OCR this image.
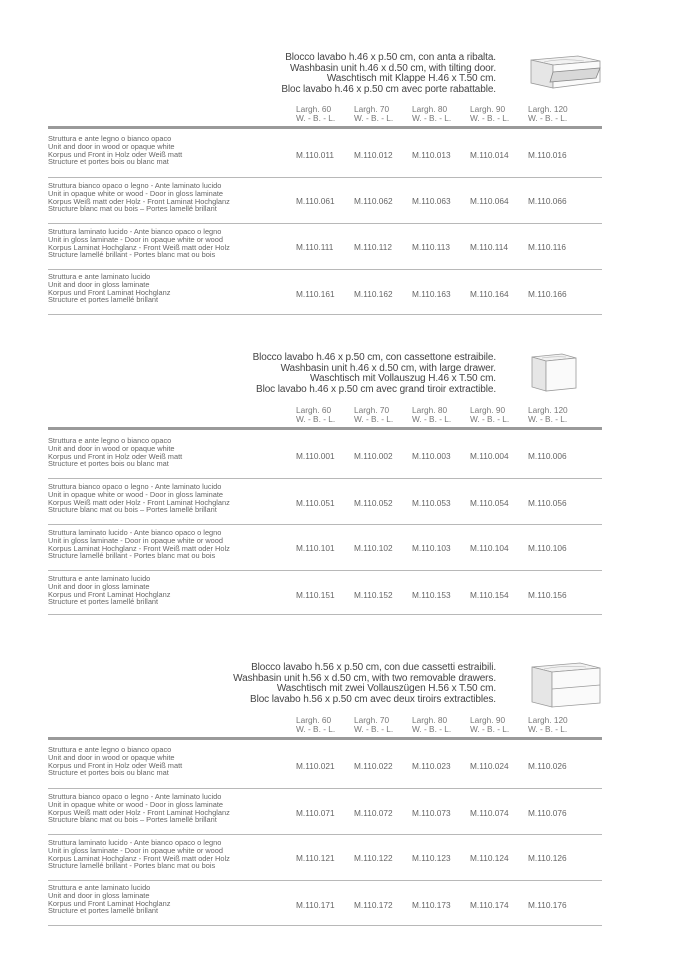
Blocco lavabo h.46 x p.50 cm, con anta a ribalta.
Washbasin unit h.46 x d.50 cm, with tilting door.
Waschtisch mit Klappe H.46 x T.50 cm.
Bloc lavabo h.46 x p.50 cm avec porte rabattable.
Largh. 60
W. - B. - L.
Largh. 70
W. - B. - L.
Largh. 80
W. - B. - L.
Largh. 90
W. - B. - L.
Largh. 120
W. - B. - L.
Struttura e ante legno o bianco opaco
Unit and door in wood or opaque white
Korpus und Front in Holz oder Weiß matt
Structure et portes bois ou blanc mat
M.110.011 M.110.012 M.110.013 M.110.014 M.110.016
Struttura bianco opaco o legno - Ante laminato lucido
Unit in opaque white or wood - Door in gloss laminate
Korpus Weiß matt oder Holz - Front Laminat Hochglanz
Structure blanc mat ou bois – Portes lamellé brillant
M.110.061 M.110.062 M.110.063 M.110.064 M.110.066
Struttura laminato lucido - Ante bianco opaco o legno
Unit in gloss laminate - Door in opaque white or wood
Korpus Laminat Hochglanz - Front Weiß matt oder Holz
Structure lamellé brillant - Portes blanc mat ou bois
M.110.111 M.110.112 M.110.113 M.110.114 M.110.116
Struttura e ante laminato lucido
Unit and door in gloss laminate
Korpus und Front Laminat Hochglanz
Structure et portes lamellé brillant
M.110.161 M.110.162 M.110.163 M.110.164 M.110.166
Blocco lavabo h.46 x p.50 cm, con cassettone estraibile.
Washbasin unit h.46 x d.50 cm, with large drawer.
Waschtisch mit Vollauszug H.46 x T.50 cm.
Bloc lavabo h.46 x p.50 cm avec grand tiroir extractible.
Largh. 60
W. - B. - L.
Largh. 70
W. - B. - L.
Largh. 80
W. - B. - L.
Largh. 90
W. - B. - L.
Largh. 120
W. - B. - L.
Struttura e ante legno o bianco opaco
Unit and door in wood or opaque white
Korpus und Front in Holz oder Weiß matt
Structure et portes bois ou blanc mat
M.110.001 M.110.002 M.110.003 M.110.004 M.110.006
Struttura bianco opaco o legno - Ante laminato lucido
Unit in opaque white or wood - Door in gloss laminate
Korpus Weiß matt oder Holz - Front Laminat Hochglanz
Structure blanc mat ou bois – Portes lamellé brillant
M.110.051 M.110.052 M.110.053 M.110.054 M.110.056
Struttura laminato lucido - Ante bianco opaco o legno
Unit in gloss laminate - Door in opaque white or wood
Korpus Laminat Hochglanz - Front Weiß matt oder Holz
Structure lamellé brillant - Portes blanc mat ou bois
M.110.101 M.110.102 M.110.103 M.110.104 M.110.106
Struttura e ante laminato lucido
Unit and door in gloss laminate
Korpus und Front Laminat Hochglanz
Structure et portes lamellé brillant
M.110.151 M.110.152 M.110.153 M.110.154 M.110.156
Blocco lavabo h.56 x p.50 cm, con due cassetti estraibili.
Washbasin unit h.56 x d.50 cm, with two removable drawers.
Waschtisch mit zwei Vollauszügen H.56 x T.50 cm.
Bloc lavabo h.56 x p.50 cm avec deux tiroirs extractibles.
Largh. 60
W. - B. - L.
Largh. 70
W. - B. - L.
Largh. 80
W. - B. - L.
Largh. 90
W. - B. - L.
Largh. 120
W. - B. - L.
Struttura e ante legno o bianco opaco
Unit and door in wood or opaque white
Korpus und Front in Holz oder Weiß matt
Structure et portes bois ou blanc mat
M.110.021 M.110.022 M.110.023 M.110.024 M.110.026
Struttura bianco opaco o legno - Ante laminato lucido
Unit in opaque white or wood - Door in gloss laminate
Korpus Weiß matt oder Holz - Front Laminat Hochglanz
Structure blanc mat ou bois – Portes lamellé brillant
M.110.071 M.110.072 M.110.073 M.110.074 M.110.076
Struttura laminato lucido - Ante bianco opaco o legno
Unit in gloss laminate - Door in opaque white or wood
Korpus Laminat Hochglanz - Front Weiß matt oder Holz
Structure lamellé brillant - Portes blanc mat ou bois
M.110.121 M.110.122 M.110.123 M.110.124 M.110.126
Struttura e ante laminato lucido
Unit and door in gloss laminate
Korpus und Front Laminat Hochglanz
Structure et portes lamellé brillant
M.110.171 M.110.172 M.110.173 M.110.174 M.110.176
